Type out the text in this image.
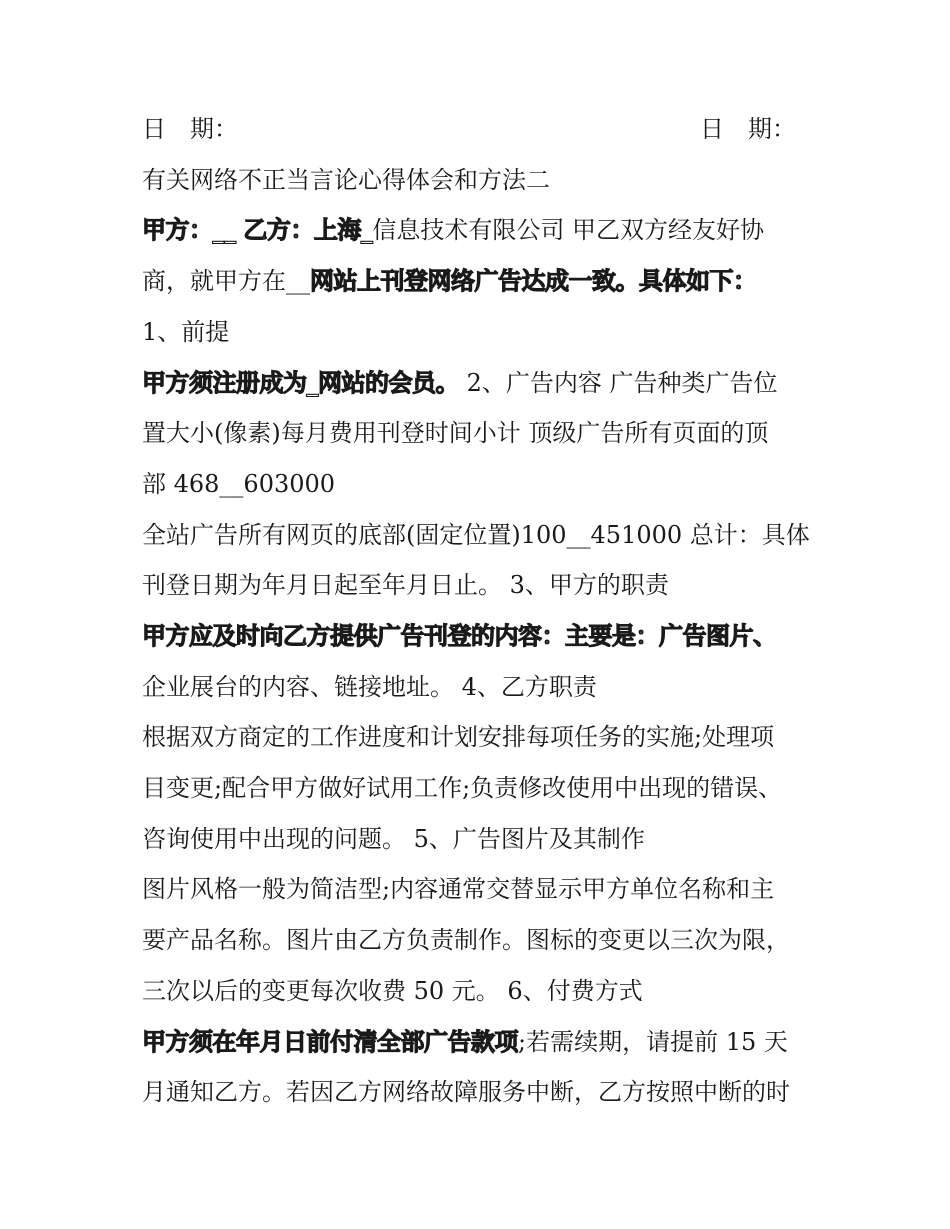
日　期：	日　期：
有关网络不正当言论心得体会和方法二
甲方：__ 乙方：上海_信息技术有限公司 甲乙双方经友好协
商，就甲方在__网站上刊登网络广告达成一致。具体如下：
1、前提
甲方须注册成为_网站的会员。 2、广告内容 广告种类广告位
置大小(像素)每月费用刊登时间小计 顶级广告所有页面的顶
部 468__603000
全站广告所有网页的底部(固定位置)100__451000 总计：具体
刊登日期为年月日起至年月日止。 3、甲方的职责
甲方应及时向乙方提供广告刊登的内容：主要是：广告图片、
企业展台的内容、链接地址。 4、乙方职责
根据双方商定的工作进度和计划安排每项任务的实施;处理项
目变更;配合甲方做好试用工作;负责修改使用中出现的错误、
咨询使用中出现的问题。 5、广告图片及其制作
图片风格一般为简洁型;内容通常交替显示甲方单位名称和主
要产品名称。图片由乙方负责制作。图标的变更以三次为限，
三次以后的变更每次收费 50 元。 6、付费方式
甲方须在年月日前付清全部广告款项;若需续期，请提前 15 天
月通知乙方。若因乙方网络故障服务中断，乙方按照中断的时
